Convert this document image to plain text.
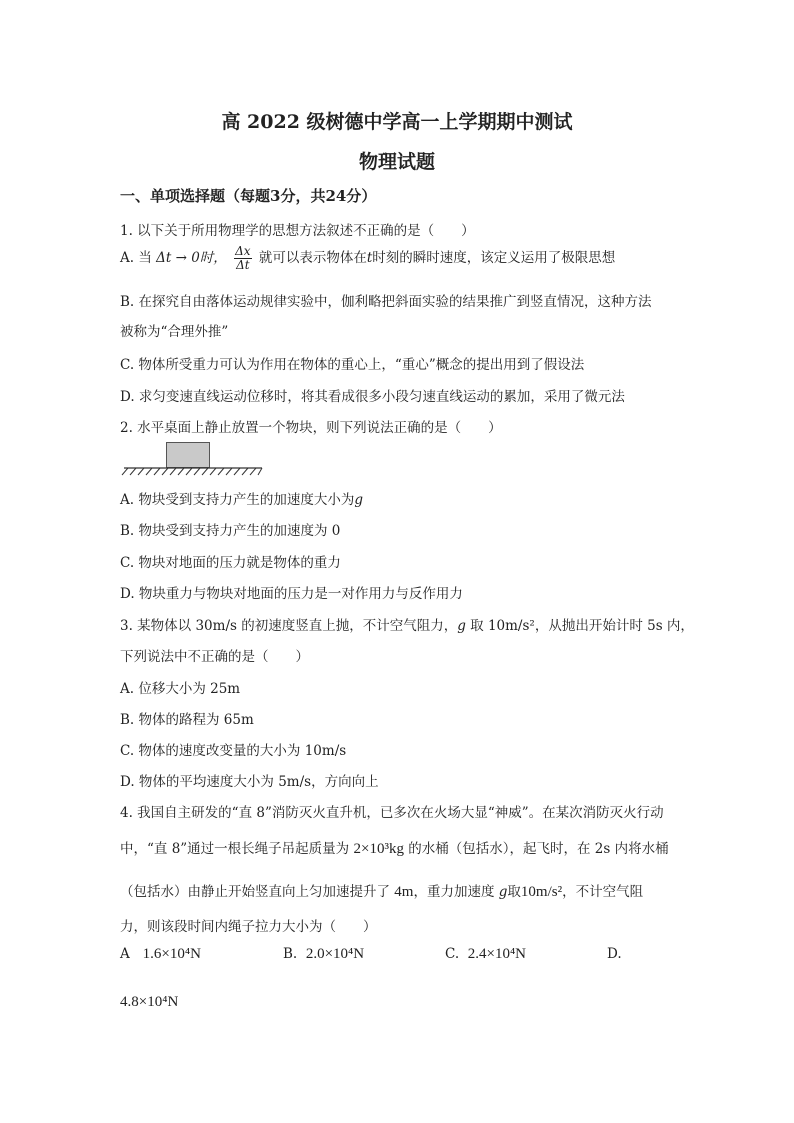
高 2022 级树德中学高一上学期期中测试
物理试题
一、单项选择题（每题3分，共24分）
1. 以下关于所用物理学的思想方法叙述不正确的是（　　）
A. 当 Δt → 0时， $\frac{\Delta x}{\Delta t}$ 就可以表示物体在t时刻的瞬时速度，该定义运用了极限思想
B. 在探究自由落体运动规律实验中，伽利略把斜面实验的结果推广到竖直情况，这种方法
被称为“合理外推”
C. 物体所受重力可认为作用在物体的重心上，“重心”概念的提出用到了假设法
D. 求匀变速直线运动位移时，将其看成很多小段匀速直线运动的累加，采用了微元法
2. 水平桌面上静止放置一个物块，则下列说法正确的是（　　）
A. 物块受到支持力产生的加速度大小为g
B. 物块受到支持力产生的加速度为 0
C. 物块对地面的压力就是物体的重力
D. 物块重力与物块对地面的压力是一对作用力与反作用力
3. 某物体以 30m/s 的初速度竖直上抛，不计空气阻力，g 取 10m/s²，从抛出开始计时 5s 内，
下列说法中不正确的是（　　）
A. 位移大小为 25m
B. 物体的路程为 65m
C. 物体的速度改变量的大小为 10m/s
D. 物体的平均速度大小为 5m/s，方向向上
4. 我国自主研发的“直 8”消防灭火直升机，已多次在火场大显“神威”。在某次消防灭火行动
中，“直 8”通过一根长绳子吊起质量为 2×10³kg 的水桶（包括水），起飞时，在 2s 内将水桶
（包括水）由静止开始竖直向上匀加速提升了 4m，重力加速度 g取10m/s²，不计空气阻
力，则该段时间内绳子拉力大小为（　　）
A 1.6×10⁴N	B. 2.0×10⁴N	C. 2.4×10⁴N	D.
4.8×10⁴N
